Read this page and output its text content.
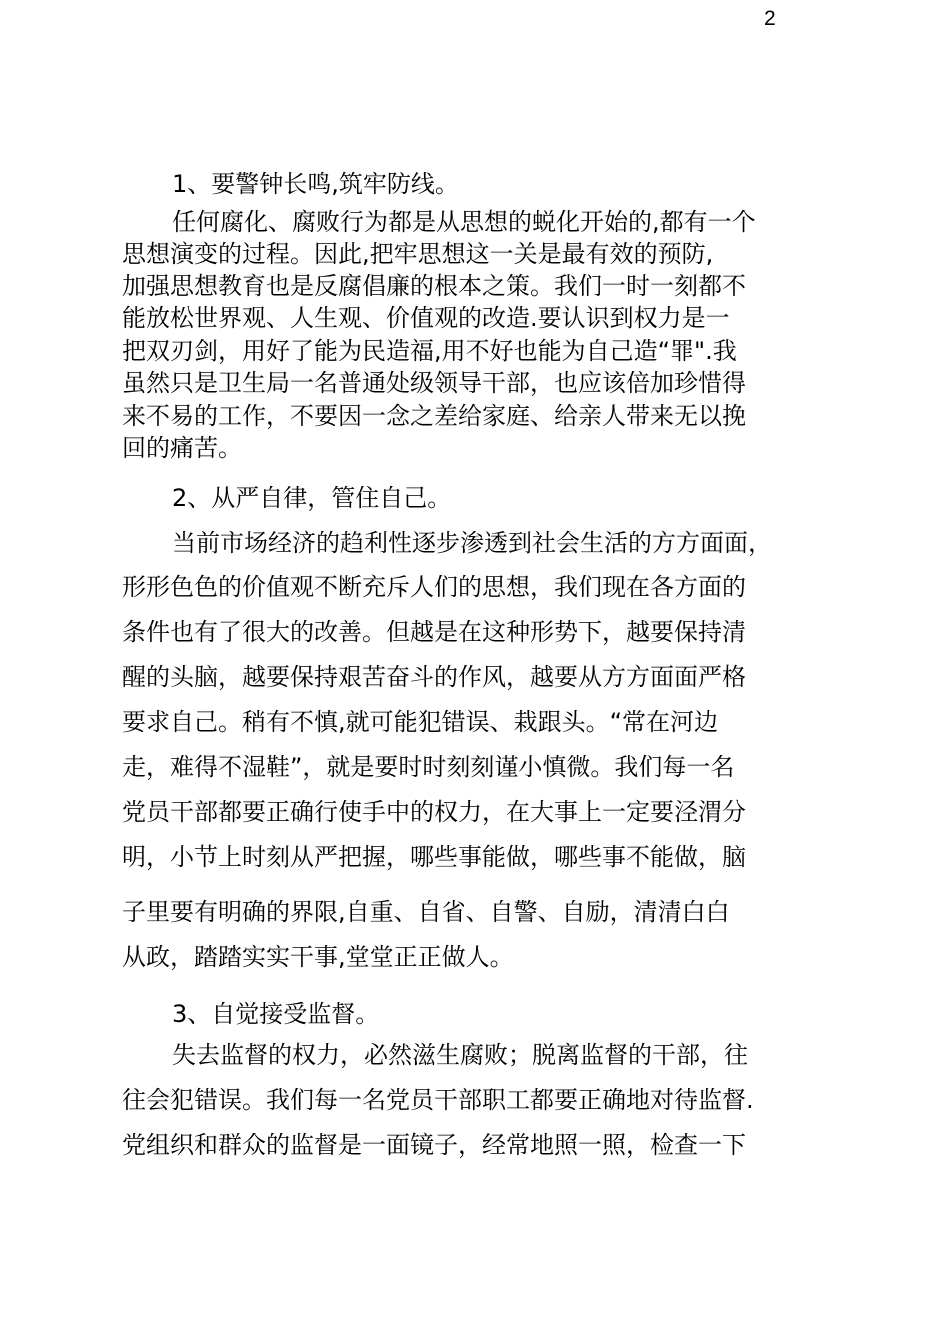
2
1、要警钟长鸣,筑牢防线。
任何腐化、腐败行为都是从思想的蜕化开始的,都有一个
思想演变的过程。因此,把牢思想这一关是最有效的预防,
加强思想教育也是反腐倡廉的根本之策。我们一时一刻都不
能放松世界观、人生观、价值观的改造.要认识到权力是一
把双刃剑，用好了能为民造福,用不好也能为自己造“罪".我
虽然只是卫生局一名普通处级领导干部，也应该倍加珍惜得
来不易的工作，不要因一念之差给家庭、给亲人带来无以挽
回的痛苦。
2、从严自律，管住自己。
当前市场经济的趋利性逐步渗透到社会生活的方方面面，
形形色色的价值观不断充斥人们的思想，我们现在各方面的
条件也有了很大的改善。但越是在这种形势下，越要保持清
醒的头脑，越要保持艰苦奋斗的作风，越要从方方面面严格
要求自己。稍有不慎,就可能犯错误、栽跟头。“常在河边
走，难得不湿鞋”，就是要时时刻刻谨小慎微。我们每一名
党员干部都要正确行使手中的权力，在大事上一定要泾渭分
明，小节上时刻从严把握，哪些事能做，哪些事不能做，脑
子里要有明确的界限,自重、自省、自警、自励，清清白白
从政，踏踏实实干事,堂堂正正做人。
3、自觉接受监督。
失去监督的权力，必然滋生腐败；脱离监督的干部，往
往会犯错误。我们每一名党员干部职工都要正确地对待监督.
党组织和群众的监督是一面镜子，经常地照一照，检查一下
